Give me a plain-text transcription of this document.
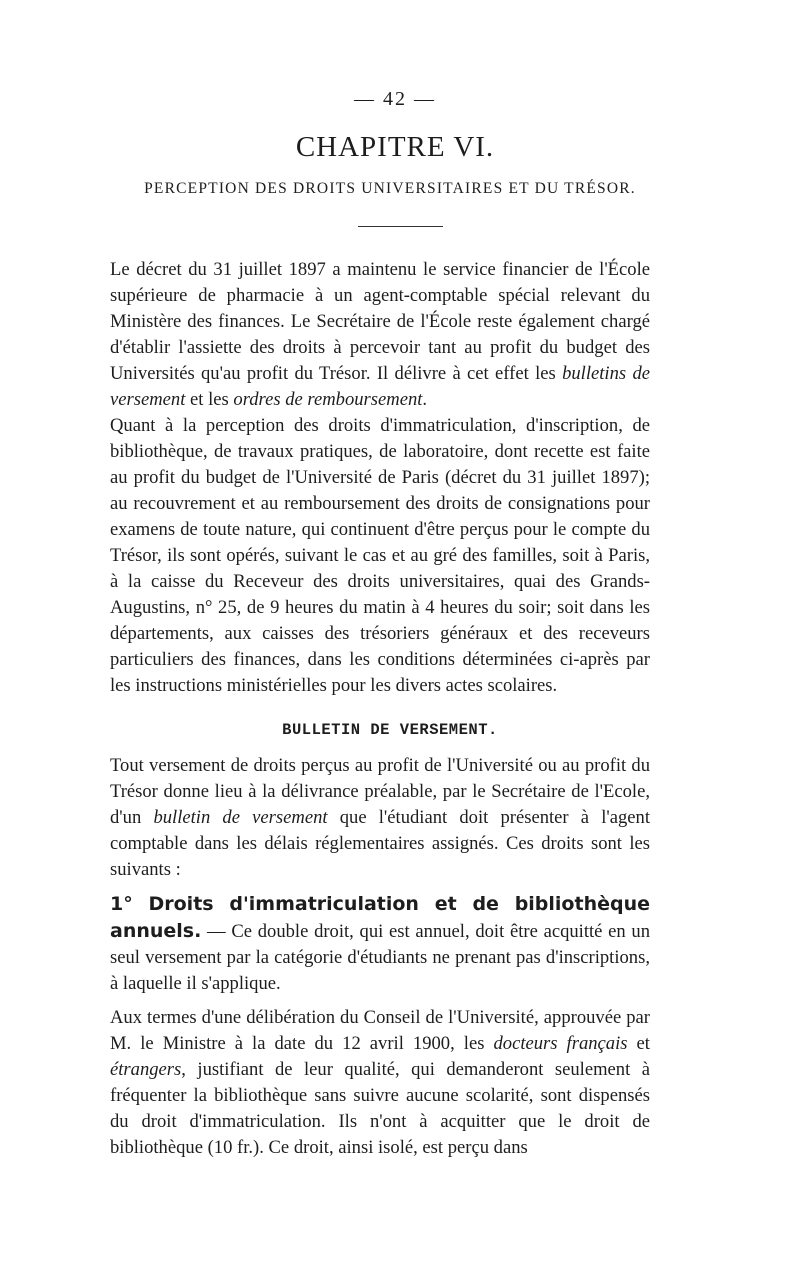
— 42 —
CHAPITRE VI.
PERCEPTION DES DROITS UNIVERSITAIRES ET DU TRÉSOR.

Le décret du 31 juillet 1897 a maintenu le service financier de l'École supérieure de pharmacie à un agent-comptable spécial relevant du Ministère des finances. Le Secrétaire de l'École reste également chargé d'établir l'assiette des droits à percevoir tant au profit du budget des Universités qu'au profit du Trésor. Il délivre à cet effet les bulletins de versement et les ordres de remboursement.

Quant à la perception des droits d'immatriculation, d'inscription, de bibliothèque, de travaux pratiques, de laboratoire, dont recette est faite au profit du budget de l'Université de Paris (décret du 31 juillet 1897); au recouvrement et au remboursement des droits de consignations pour examens de toute nature, qui continuent d'être perçus pour le compte du Trésor, ils sont opérés, suivant le cas et au gré des familles, soit à Paris, à la caisse du Receveur des droits universitaires, quai des Grands-Augustins, n° 25, de 9 heures du matin à 4 heures du soir; soit dans les départements, aux caisses des trésoriers généraux et des receveurs particuliers des finances, dans les conditions déterminées ci-après par les instructions ministérielles pour les divers actes scolaires.

BULLETIN DE VERSEMENT.

Tout versement de droits perçus au profit de l'Université ou au profit du Trésor donne lieu à la délivrance préalable, par le Secrétaire de l'Ecole, d'un bulletin de versement que l'étudiant doit présenter à l'agent comptable dans les délais réglementaires assignés. Ces droits sont les suivants :

1° Droits d'immatriculation et de bibliothèque annuels. — Ce double droit, qui est annuel, doit être acquitté en un seul versement par la catégorie d'étudiants ne prenant pas d'inscriptions, à laquelle il s'applique.

Aux termes d'une délibération du Conseil de l'Université, approuvée par M. le Ministre à la date du 12 avril 1900, les docteurs français et étrangers, justifiant de leur qualité, qui demanderont seulement à fréquenter la bibliothèque sans suivre aucune scolarité, sont dispensés du droit d'immatriculation. Ils n'ont à acquitter que le droit de bibliothèque (10 fr.). Ce droit, ainsi isolé, est perçu dans
